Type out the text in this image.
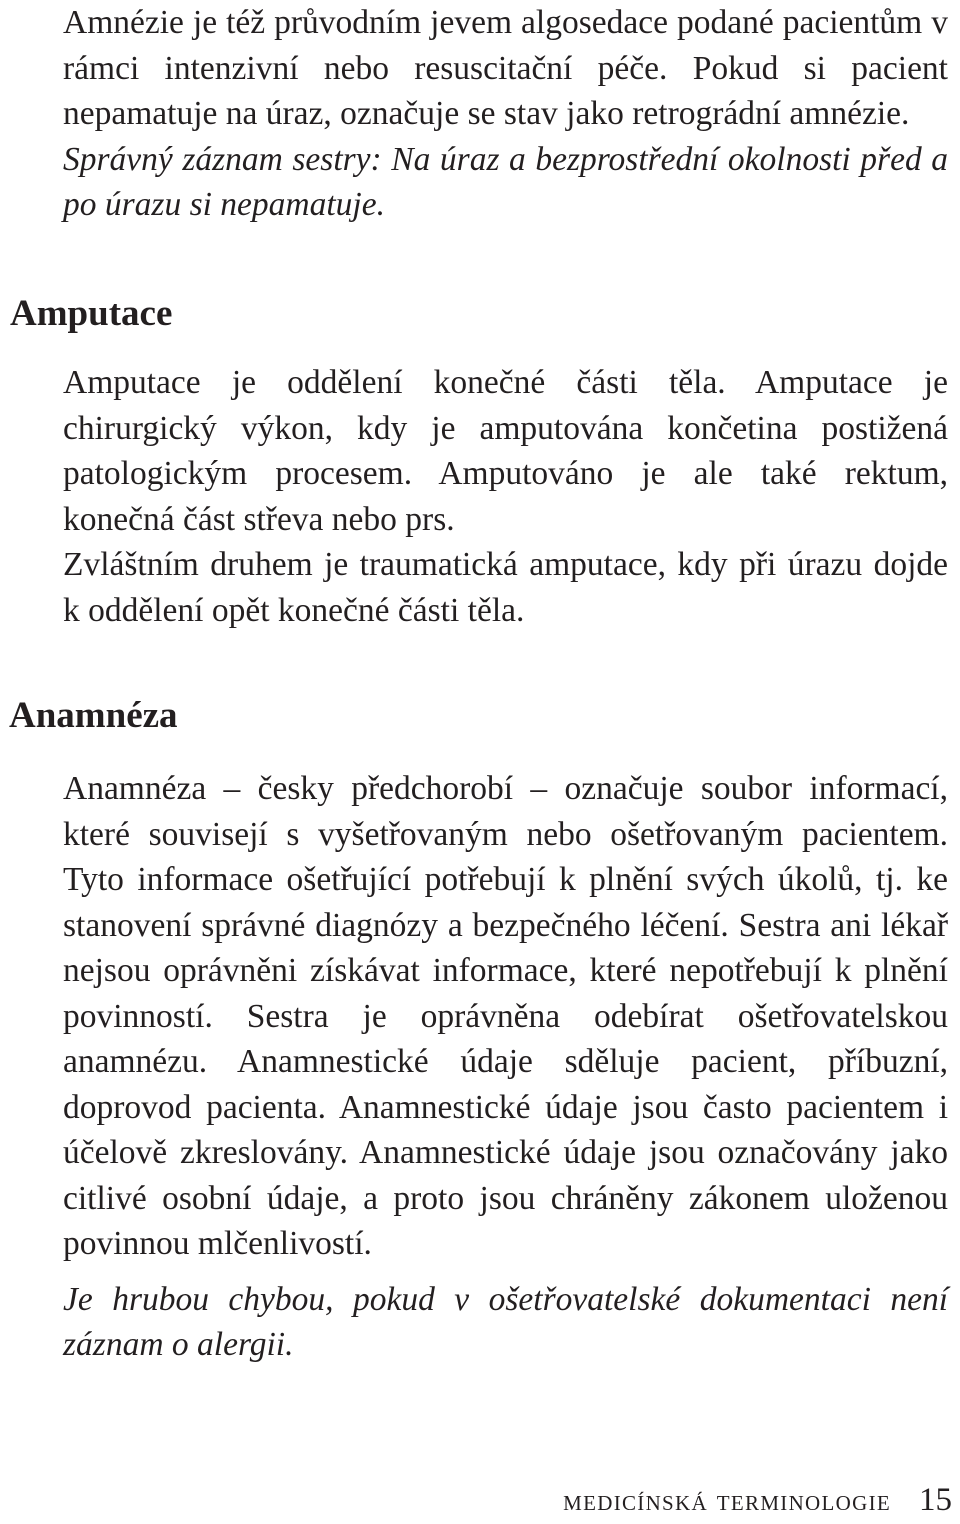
Amnézie je též průvodním jevem algosedace podané pacientům v rámci intenzivní nebo resuscitační péče. Pokud si pacient nepamatuje na úraz, označuje se stav jako retrográdní amnézie.

Správný záznam sestry: Na úraz a bezprostřední okolnosti před a po úrazu si nepamatuje.

Amputace

Amputace je oddělení konečné části těla. Amputace je chirurgický výkon, kdy je amputována končetina postižená patologickým procesem. Amputováno je ale také rektum, konečná část střeva nebo prs.

Zvláštním druhem je traumatická amputace, kdy při úrazu dojde k oddělení opět konečné části těla.

Anamnéza

Anamnéza – česky předchorobí – označuje soubor informací, které souvisejí s vyšetřovaným nebo ošetřovaným pacientem. Tyto informace ošetřující potřebují k plnění svých úkolů, tj. ke stanovení správné diagnózy a bezpečného léčení. Sestra ani lékař nejsou oprávněni získávat informace, které nepotřebují k plnění povinností. Sestra je oprávněna odebírat ošetřovatelskou anamnézu. Anamnestické údaje sděluje pacient, příbuzní, doprovod pacienta. Anamnestické údaje jsou často pacientem i účelově zkreslovány. Anamnestické údaje jsou označovány jako citlivé osobní údaje, a proto jsou chráněny zákonem uloženou povinnou mlčenlivostí.

Je hrubou chybou, pokud v ošetřovatelské dokumentaci není záznam o alergii.

medicínská terminologie 15
